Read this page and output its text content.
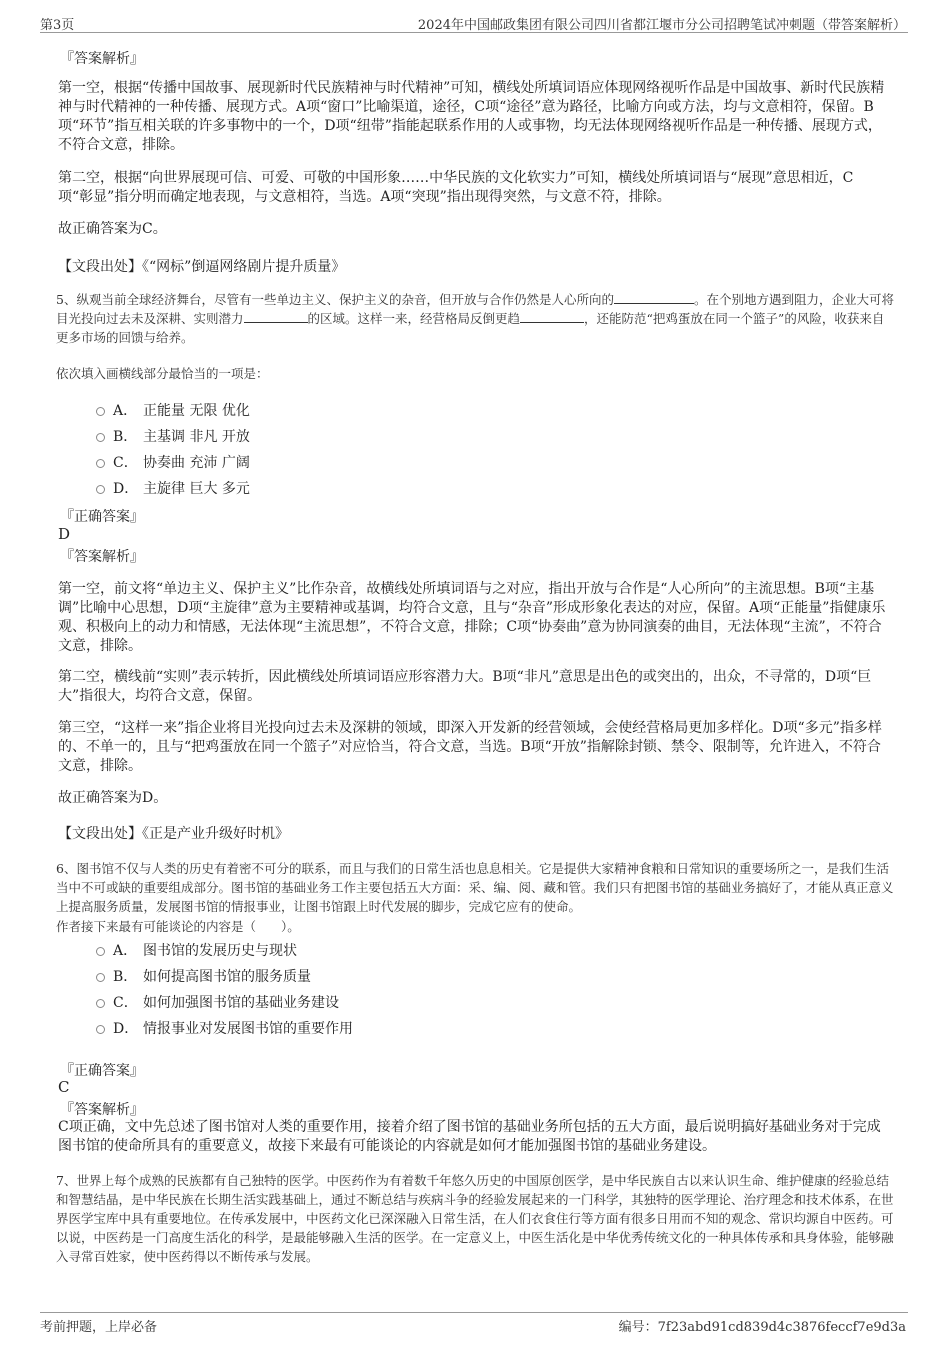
第3页	2024年中国邮政集团有限公司四川省都江堰市分公司招聘笔试冲刺题（带答案解析）
『答案解析』

第一空，根据“传播中国故事、展现新时代民族精神与时代精神”可知，横线处所填词语应体现网络视听作品是中国故事、新时代民族精神与时代精神的一种传播、展现方式。A项“窗口”比喻渠道，途径，C项“途径”意为路径，比喻方向或方法，均与文意相符，保留。B项“环节”指互相关联的许多事物中的一个，D项“纽带”指能起联系作用的人或事物，均无法体现网络视听作品是一种传播、展现方式，不符合文意，排除。

第二空，根据“向世界展现可信、可爱、可敬的中国形象……中华民族的文化软实力”可知，横线处所填词语与“展现”意思相近，C项“彰显”指分明而确定地表现，与文意相符，当选。A项“突现”指出现得突然，与文意不符，排除。

故正确答案为C。
【文段出处】《“网标”倒逼网络剧片提升质量》

5、纵观当前全球经济舞台，尽管有一些单边主义、保护主义的杂音，但开放与合作仍然是人心所向的	。在个别地方遇到阻力，企业大可将目光投向过去未及深耕、实则潜力	的区域。这样一来，经营格局反倒更趋	，还能防范“把鸡蛋放在同一个篮子”的风险，收获来自更多市场的回馈与给养。

依次填入画横线部分最恰当的一项是：
A． 正能量 无限 优化
B． 主基调 非凡 开放
C． 协奏曲 充沛 广阔
D． 主旋律 巨大 多元
『正确答案』
D
『答案解析』

第一空，前文将“单边主义、保护主义”比作杂音，故横线处所填词语与之对应，指出开放与合作是“人心所向”的主流思想。B项“主基调”比喻中心思想，D项“主旋律”意为主要精神或基调，均符合文意，且与“杂音”形成形象化表达的对应，保留。A项“正能量”指健康乐观、积极向上的动力和情感，无法体现“主流思想”，不符合文意，排除；C项“协奏曲”意为协同演奏的曲目，无法体现“主流”，不符合文意，排除。

第二空，横线前“实则”表示转折，因此横线处所填词语应形容潜力大。B项“非凡”意思是出色的或突出的，出众，不寻常的，D项“巨大”指很大，均符合文意，保留。

第三空，“这样一来”指企业将目光投向过去未及深耕的领域，即深入开发新的经营领域，会使经营格局更加多样化。D项“多元”指多样的、不单一的，且与“把鸡蛋放在同一个篮子”对应恰当，符合文意，当选。B项“开放”指解除封锁、禁令、限制等，允许进入，不符合文意，排除。

故正确答案为D。
【文段出处】《正是产业升级好时机》

6、图书馆不仅与人类的历史有着密不可分的联系，而且与我们的日常生活也息息相关。它是提供大家精神食粮和日常知识的重要场所之一，是我们生活当中不可或缺的重要组成部分。图书馆的基础业务工作主要包括五大方面：采、编、阅、藏和管。我们只有把图书馆的基础业务搞好了，才能从真正意义上提高服务质量，发展图书馆的情报事业，让图书馆跟上时代发展的脚步，完成它应有的使命。

作者接下来最有可能谈论的内容是（　　）。
A． 图书馆的发展历史与现状
B． 如何提高图书馆的服务质量
C． 如何加强图书馆的基础业务建设
D． 情报事业对发展图书馆的重要作用
『正确答案』
C
『答案解析』

C项正确，文中先总述了图书馆对人类的重要作用，接着介绍了图书馆的基础业务所包括的五大方面，最后说明搞好基础业务对于完成图书馆的使命所具有的重要意义，故接下来最有可能谈论的内容就是如何才能加强图书馆的基础业务建设。

7、世界上每个成熟的民族都有自己独特的医学。中医药作为有着数千年悠久历史的中国原创医学，是中华民族自古以来认识生命、维护健康的经验总结和智慧结晶，是中华民族在长期生活实践基础上，通过不断总结与疾病斗争的经验发展起来的一门科学，其独特的医学理论、治疗理念和技术体系，在世界医学宝库中具有重要地位。在传承发展中，中医药文化已深深融入日常生活，在人们衣食住行等方面有很多日用而不知的观念、常识均源自中医药。可以说，中医药是一门高度生活化的科学，是最能够融入生活的医学。在一定意义上，中医生活化是中华优秀传统文化的一种具体传承和具身体验，能够融入寻常百姓家，使中医药得以不断传承与发展。

考前押题，上岸必备	编号：7f23abd91cd839d4c3876feccf7e9d3a
